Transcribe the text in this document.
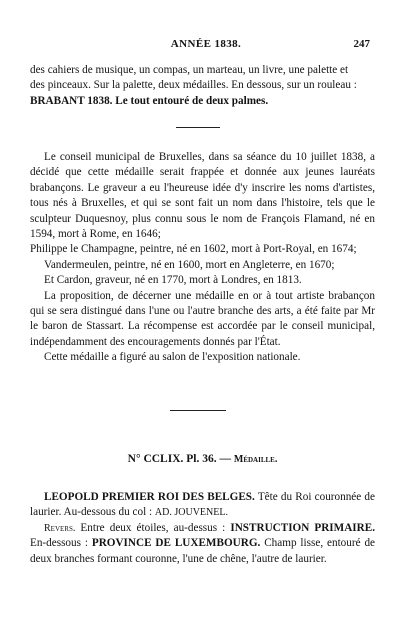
ANNÉE 1838.	247

des cahiers de musique, un compas, un marteau, un livre, une palette et

des pinceaux. Sur la palette, deux médailles. En dessous, sur un rouleau :

BRABANT 1838. Le tout entouré de deux palmes.

Le conseil municipal de Bruxelles, dans sa séance du 10 juillet 1838, a décidé que cette médaille serait frappée et donnée aux jeunes lauréats brabançons. Le graveur a eu l'heureuse idée d'y inscrire les noms d'artistes, tous nés à Bruxelles, et qui se sont fait un nom dans l'histoire, tels que le sculpteur Duquesnoy, plus connu sous le nom de François Flamand, né en 1594, mort à Rome, en 1646;

Philippe le Champagne, peintre, né en 1602, mort à Port-Royal, en 1674;

Vandermeulen, peintre, né en 1600, mort en Angleterre, en 1670;

Et Cardon, graveur, né en 1770, mort à Londres, en 1813.

La proposition, de décerner une médaille en or à tout artiste brabançon qui se sera distingué dans l'une ou l'autre branche des arts, a été faite par Mr le baron de Stassart. La récompense est accordée par le conseil municipal, indépendamment des encouragements donnés par l'État.

Cette médaille a figuré au salon de l'exposition nationale.

N° CCLIX. Pl. 36. — Médaille.

LEOPOLD PREMIER ROI DES BELGES. Tête du Roi couronnée de laurier. Au-dessous du col : AD. JOUVENEL.

Revers. Entre deux étoiles, au-dessus : INSTRUCTION PRIMAIRE. En-dessous : PROVINCE DE LUXEMBOURG. Champ lisse, entouré de deux branches formant couronne, l'une de chêne, l'autre de laurier.
